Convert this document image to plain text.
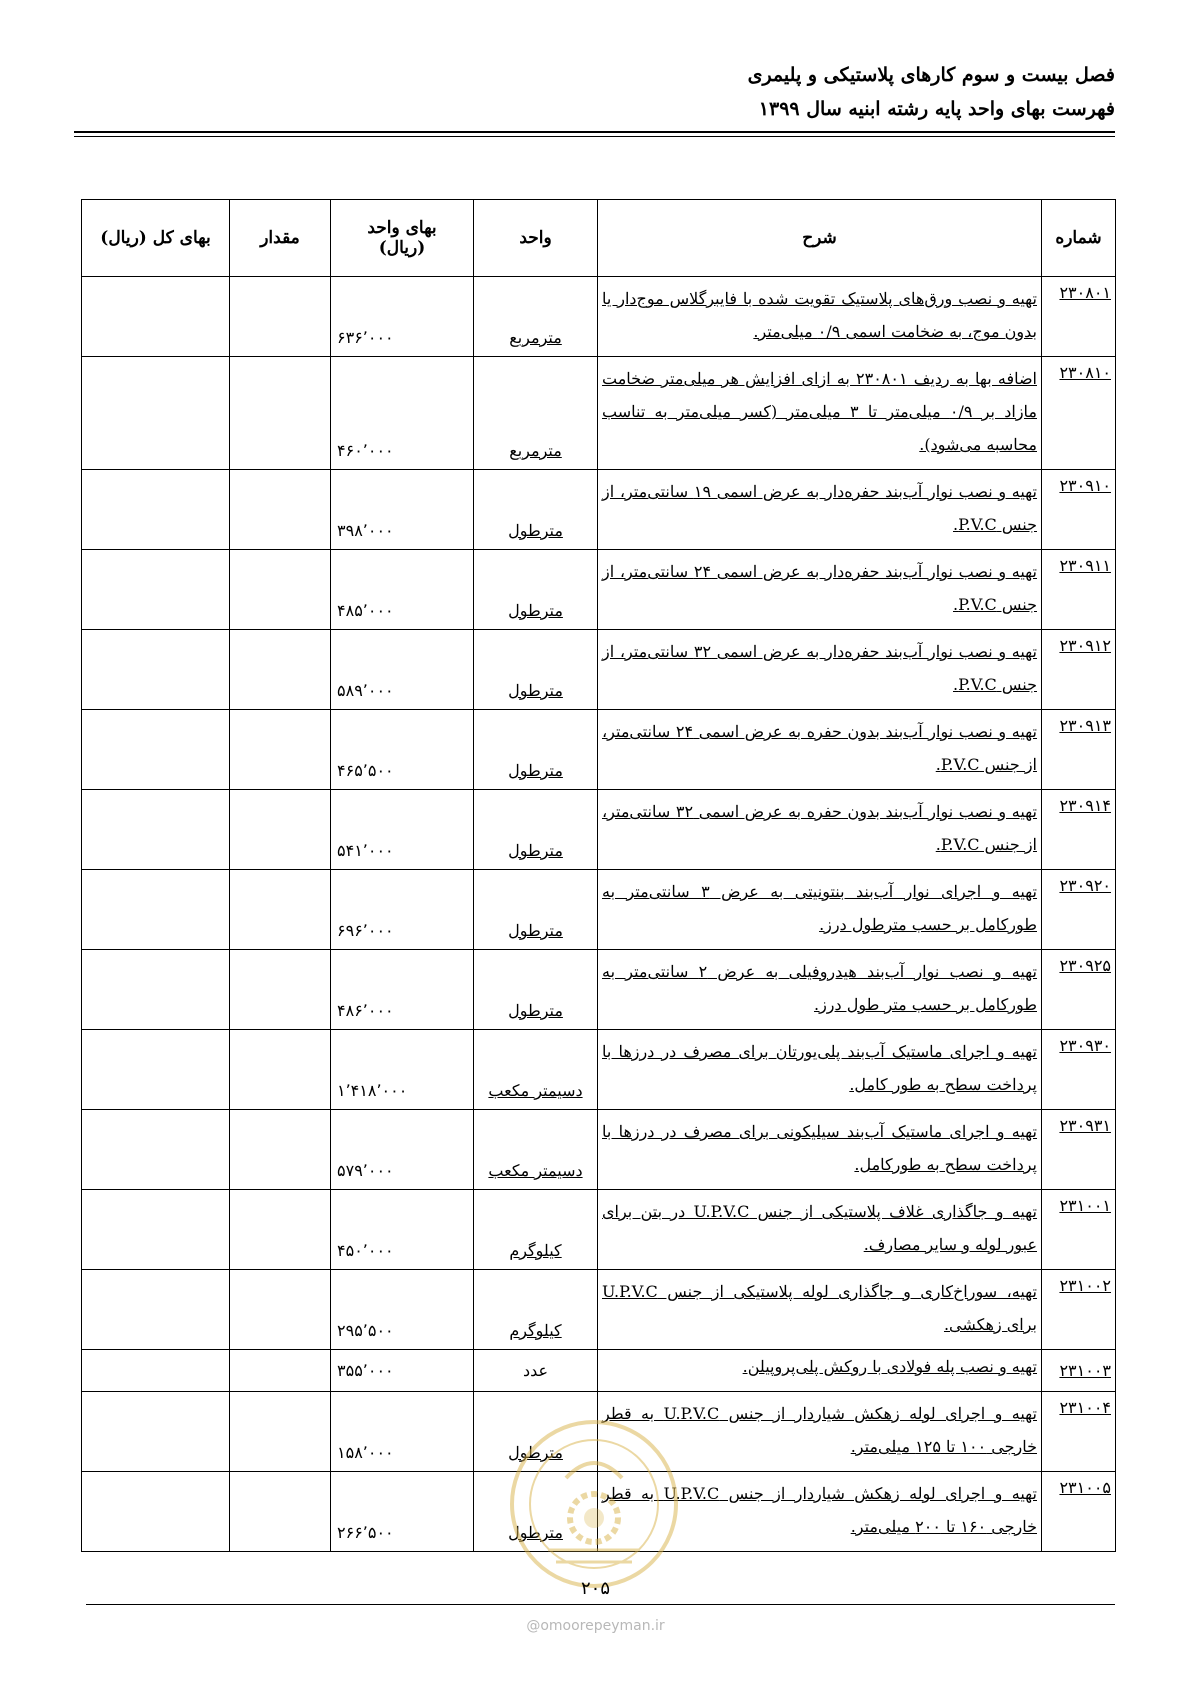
فصل بیست و سوم کارهای پلاستیکی و پلیمری
فهرست بهای واحد پایه رشته ابنیه سال ۱۳۹۹
شماره	شرح	واحد	بهای واحد
(ریال)	مقدار	بهای کل (ریال)
۲۳۰۸۰۱	تهیه و نصب ورق‌های پلاستیک تقویت شده با فایبرگلاس موج‌دار یا بدون موج، به ضخامت اسمی ۰/۹ میلی‌متر.	مترمربع	۶۳۶٬۰۰۰		
۲۳۰۸۱۰	اضافه بها به ردیف ۲۳۰۸۰۱ به ازای افزایش هر میلی‌متر ضخامت مازاد بر ۰/۹ میلی‌متر تا ۳ میلی‌متر (کسر میلی‌متر به تناسب محاسبه می‌شود).	مترمربع	۴۶۰٬۰۰۰		
۲۳۰۹۱۰	تهیه و نصب نوار آب‌بند حفره‌دار به عرض اسمی ۱۹ سانتی‌متر، از جنس P.V.C.	مترطول	۳۹۸٬۰۰۰		
۲۳۰۹۱۱	تهیه و نصب نوار آب‌بند حفره‌دار به عرض اسمی ۲۴ سانتی‌متر، از جنس P.V.C.	مترطول	۴۸۵٬۰۰۰		
۲۳۰۹۱۲	تهیه و نصب نوار آب‌بند حفره‌دار به عرض اسمی ۳۲ سانتی‌متر، از جنس P.V.C.	مترطول	۵۸۹٬۰۰۰		
۲۳۰۹۱۳	تهیه و نصب نوار آب‌بند بدون حفره به عرض اسمی ۲۴ سانتی‌متر، از جنس P.V.C.	مترطول	۴۶۵٬۵۰۰		
۲۳۰۹۱۴	تهیه و نصب نوار آب‌بند بدون حفره به عرض اسمی ۳۲ سانتی‌متر، از جنس P.V.C.	مترطول	۵۴۱٬۰۰۰		
۲۳۰۹۲۰	تهیه و اجرای نوار آب‌بند بنتونیتی به عرض ۳ سانتی‌متر به طورکامل بر حسب مترطول درز.	مترطول	۶۹۶٬۰۰۰		
۲۳۰۹۲۵	تهیه و نصب نوار آب‌بند هیدروفیلی به عرض ۲ سانتی‌متر به طورکامل بر حسب متر طول درز.	مترطول	۴۸۶٬۰۰۰		
۲۳۰۹۳۰	تهیه و اجرای ماستیک آب‌بند پلی‌یورتان برای مصرف در درزها با پرداخت سطح به طور کامل.	دسیمتر مکعب	۱٬۴۱۸٬۰۰۰		
۲۳۰۹۳۱	تهیه و اجرای ماستیک آب‌بند سیلیکونی برای مصرف در درزها با پرداخت سطح به طورکامل.	دسیمتر مکعب	۵۷۹٬۰۰۰		
۲۳۱۰۰۱	تهیه و جاگذاری غلاف پلاستیکی از جنس U.P.V.C در بتن برای عبور لوله و سایر مصارف.	کیلوگرم	۴۵۰٬۰۰۰		
۲۳۱۰۰۲	تهیه، سوراخ‌کاری و جاگذاری لوله پلاستیکی از جنس U.P.V.C برای زهکشی.	کیلوگرم	۲۹۵٬۵۰۰		
۲۳۱۰۰۳	تهیه و نصب پله فولادی با روکش پلی‌پروپیلن.	عدد	۳۵۵٬۰۰۰		
۲۳۱۰۰۴	تهیه و اجرای لوله زهکش شیاردار از جنس U.P.V.C به قطر خارجی ۱۰۰ تا ۱۲۵ میلی‌متر.	مترطول	۱۵۸٬۰۰۰		
۲۳۱۰۰۵	تهیه و اجرای لوله زهکش شیاردار از جنس U.P.V.C به قطر خارجی ۱۶۰ تا ۲۰۰ میلی‌متر.	مترطول	۲۶۶٬۵۰۰		
۲۰۵
@omoorepeyman.ir
